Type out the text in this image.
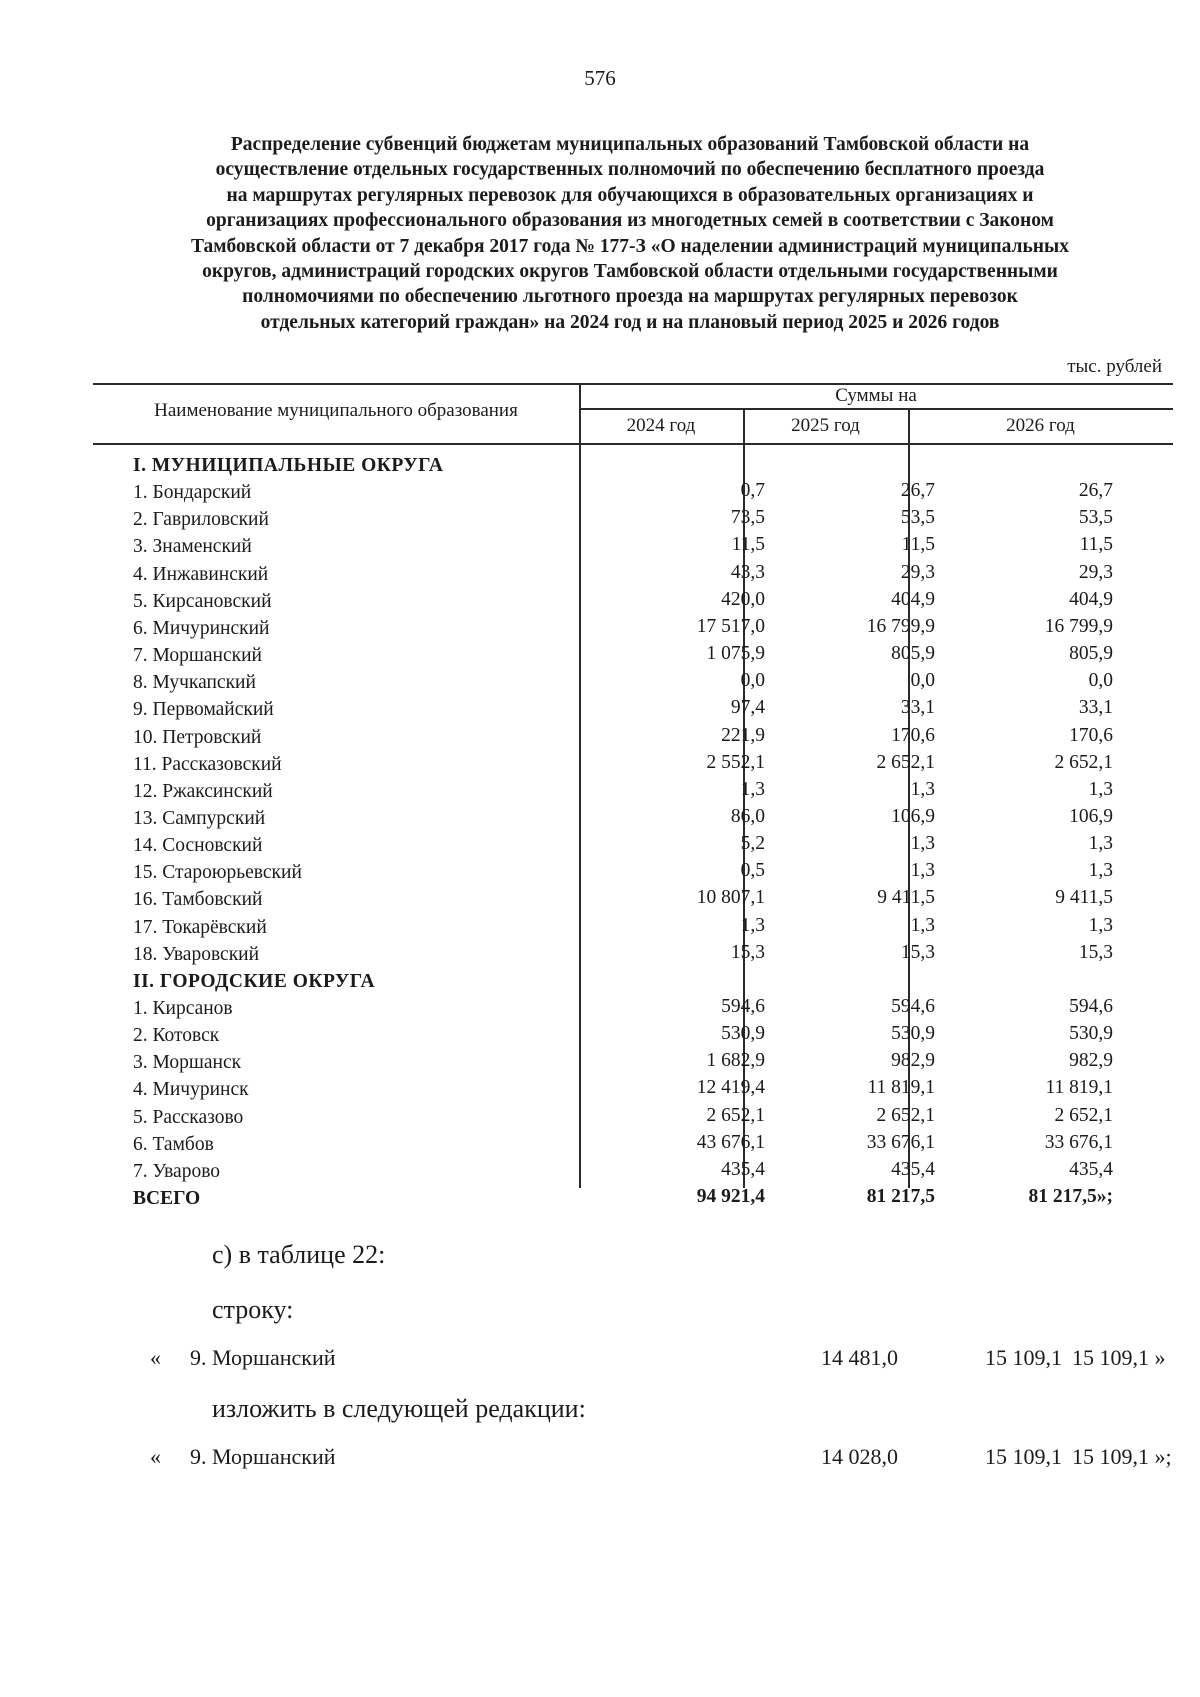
576
Распределение субвенций бюджетам муниципальных образований Тамбовской области на
осуществление отдельных государственных полномочий по обеспечению бесплатного проезда
на маршрутах регулярных перевозок для обучающихся в образовательных организациях и
организациях профессионального образования из многодетных семей в соответствии с Законом
Тамбовской области от 7 декабря 2017 года № 177-З «О наделении администраций муниципальных
округов, администраций городских округов Тамбовской области отдельными государственными
полномочиями по обеспечению льготного проезда на маршрутах регулярных перевозок
отдельных категорий граждан» на 2024 год и на плановый период 2025 и 2026 годов
тыс. рублей
Наименование муниципального образования
Суммы на
2024 год	2025 год	2026 год
I. МУНИЦИПАЛЬНЫЕ ОКРУГА
1. Бондарский	0,7	26,7	26,7
2. Гавриловский	73,5	53,5	53,5
3. Знаменский	11,5	11,5	11,5
4. Инжавинский	43,3	29,3	29,3
5. Кирсановский	420,0	404,9	404,9
6. Мичуринский	17 517,0	16 799,9	16 799,9
7. Моршанский	1 075,9	805,9	805,9
8. Мучкапский	0,0	0,0	0,0
9. Первомайский	97,4	33,1	33,1
10. Петровский	221,9	170,6	170,6
11. Рассказовский	2 552,1	2 652,1	2 652,1
12. Ржаксинский	1,3	1,3	1,3
13. Сампурский	86,0	106,9	106,9
14. Сосновский	5,2	1,3	1,3
15. Староюрьевский	0,5	1,3	1,3
16. Тамбовский	10 807,1	9 411,5	9 411,5
17. Токарёвский	1,3	1,3	1,3
18. Уваровский	15,3	15,3	15,3
II. ГОРОДСКИЕ ОКРУГА
1. Кирсанов	594,6	594,6	594,6
2. Котовск	530,9	530,9	530,9
3. Моршанск	1 682,9	982,9	982,9
4. Мичуринск	12 419,4	11 819,1	11 819,1
5. Рассказово	2 652,1	2 652,1	2 652,1
6. Тамбов	43 676,1	33 676,1	33 676,1
7. Уварово	435,4	435,4	435,4
ВСЕГО	94 921,4	81 217,5	81 217,5»;
с) в таблице 22:
строку:
« 9. Моршанский	14 481,0	15 109,1 15 109,1 »
изложить в следующей редакции:
« 9. Моршанский	14 028,0	15 109,1 15 109,1 »;
